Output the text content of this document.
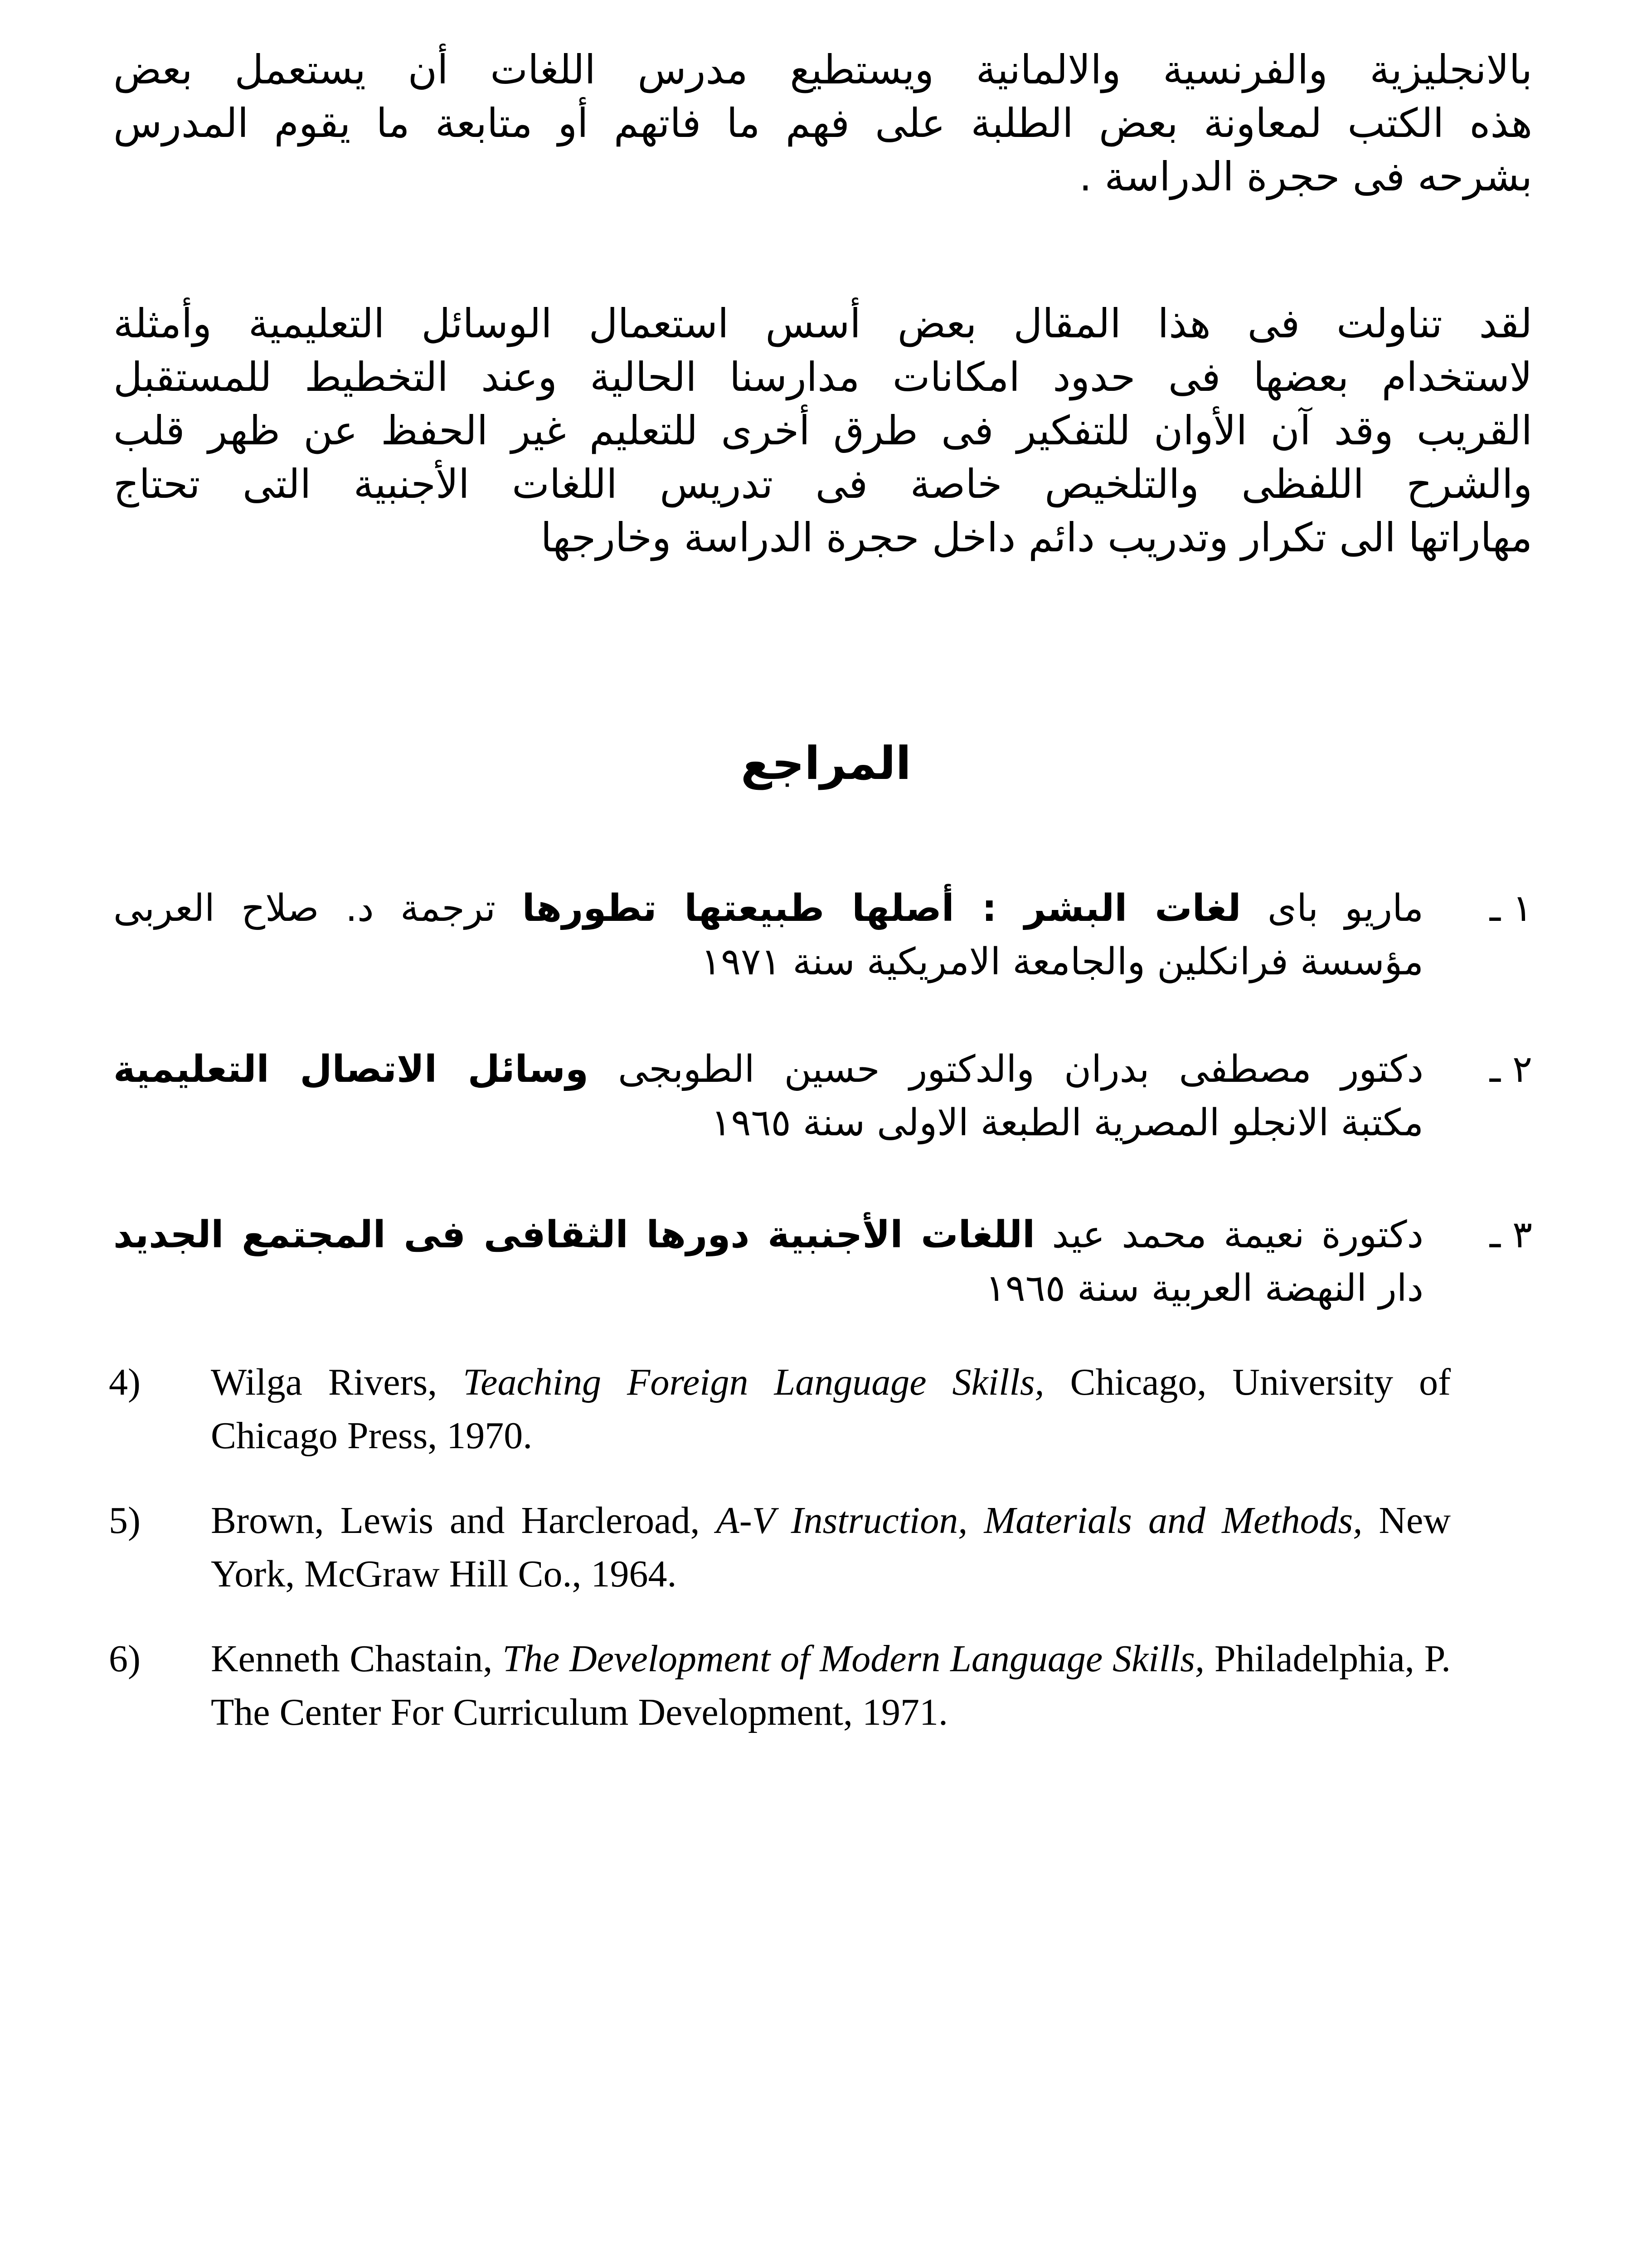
بالانجليزية والفرنسية والالمانية ويستطيع مدرس اللغات أن يستعمل بعض
هذه الكتب لمعاونة بعض الطلبة على فهم ما فاتهم أو متابعة ما يقوم المدرس
بشرحه فى حجرة الدراسة .
لقد تناولت فى هذا المقال بعض أسس استعمال الوسائل التعليمية وأمثلة
لاستخدام بعضها فى حدود امكانات مدارسنا الحالية وعند التخطيط للمستقبل
القريب وقد آن الأوان للتفكير فى طرق أخرى للتعليم غير الحفظ عن ظهر قلب
والشرح اللفظى والتلخيص خاصة فى تدريس اللغات الأجنبية التى تحتاج
مهاراتها الى تكرار وتدريب دائم داخل حجرة الدراسة وخارجها
المراجع
١ ـ
ماريو باى لغات البشر : أصلها طبيعتها تطورها ترجمة د. صلاح العربى
مؤسسة فرانكلين والجامعة الامريكية سنة ١٩٧١
٢ ـ
دكتور مصطفى بدران والدكتور حسين الطوبجى وسائل الاتصال التعليمية
مكتبة الانجلو المصرية الطبعة الاولى سنة ١٩٦٥
٣ ـ
دكتورة نعيمة محمد عيد اللغات الأجنبية دورها الثقافى فى المجتمع الجديد
دار النهضة العربية سنة ١٩٦٥
4)	Wilga Rivers, Teaching Foreign Language Skills, Chicago, University of Chicago Press, 1970.
5)	Brown, Lewis and Harcleroad, A-V Instruction, Materials and Methods, New York, McGraw Hill Co., 1964.
6)	Kenneth Chastain, The Development of Modern Language Skills, Philadelphia, P. The Center For Curriculum Development, 1971.
